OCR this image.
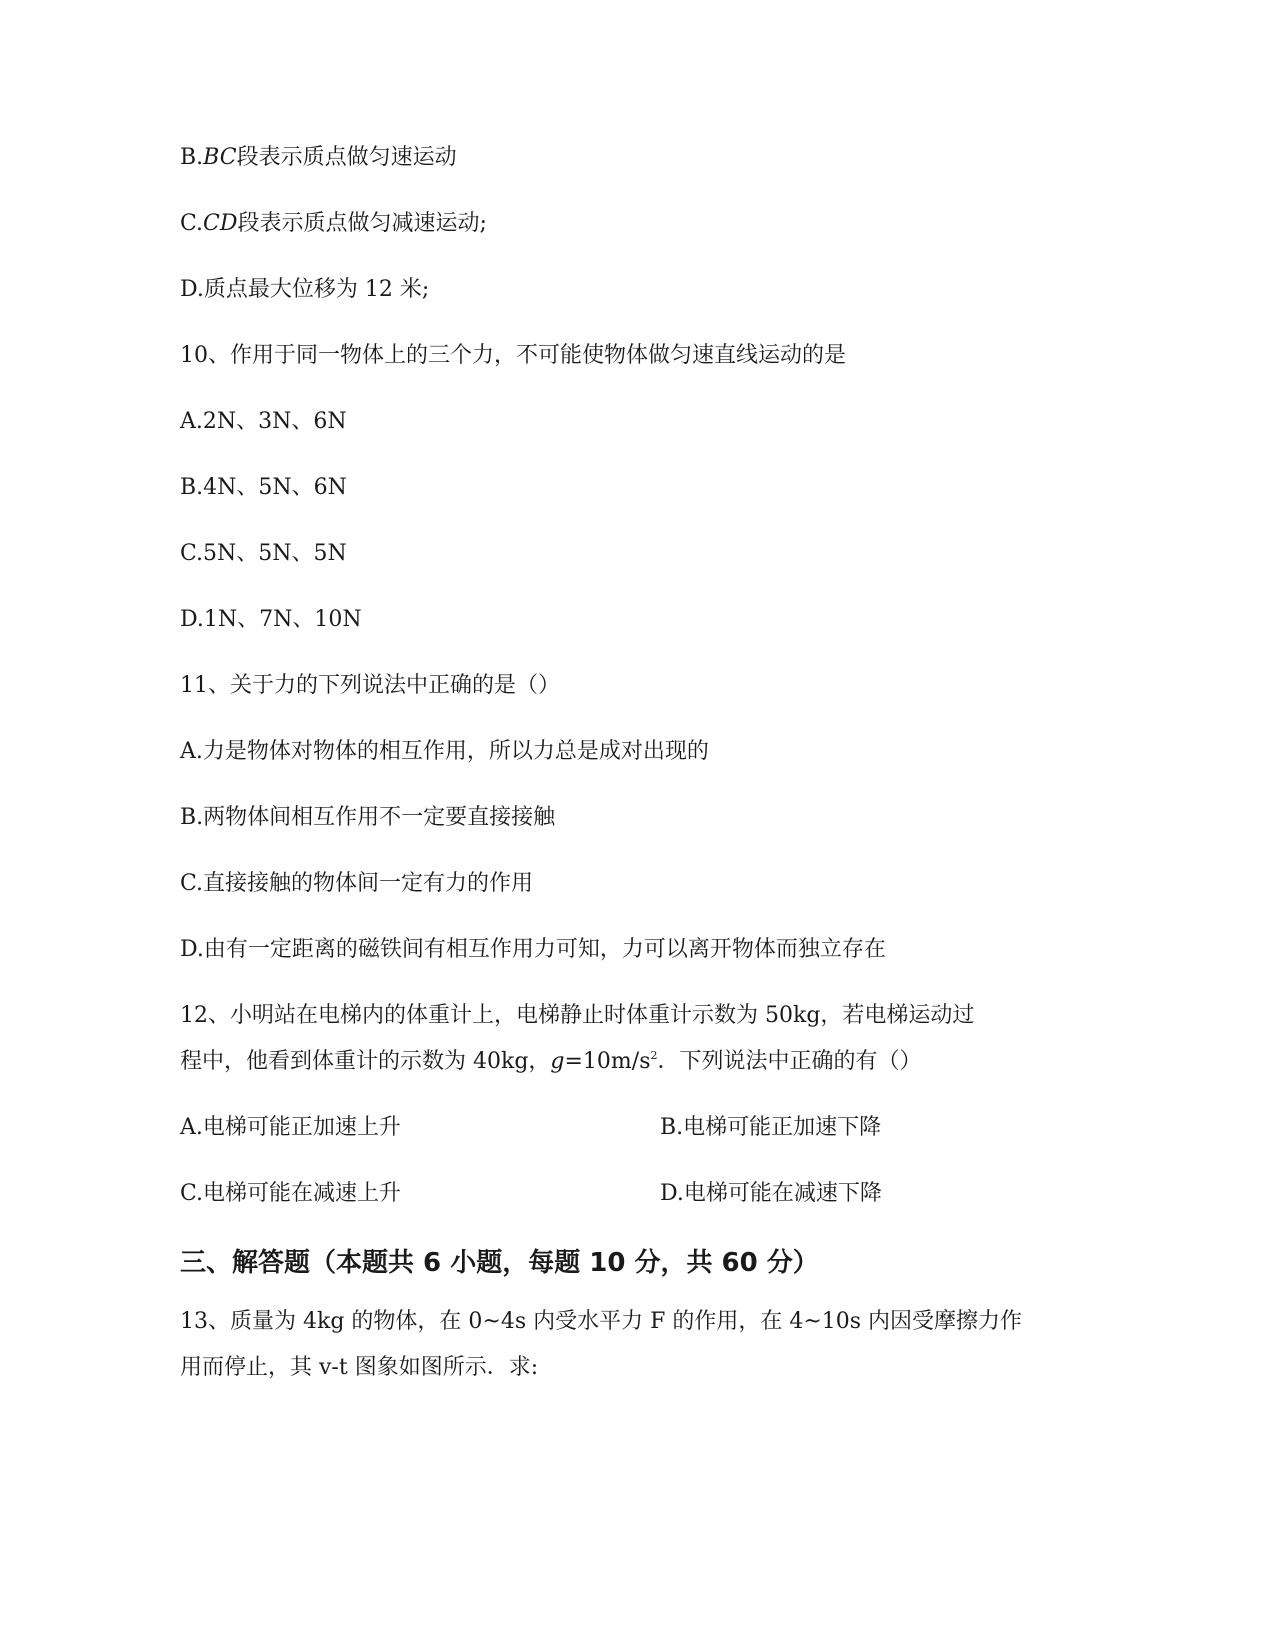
B.BC段表示质点做匀速运动
C.CD段表示质点做匀减速运动;
D.质点最大位移为 12 米;
10、作用于同一物体上的三个力，不可能使物体做匀速直线运动的是
A.2N、3N、6N
B.4N、5N、6N
C.5N、5N、5N
D.1N、7N、10N
11、关于力的下列说法中正确的是（）
A.力是物体对物体的相互作用，所以力总是成对出现的
B.两物体间相互作用不一定要直接接触
C.直接接触的物体间一定有力的作用
D.由有一定距离的磁铁间有相互作用力可知，力可以离开物体而独立存在
12、小明站在电梯内的体重计上，电梯静止时体重计示数为 50kg，若电梯运动过
程中，他看到体重计的示数为 40kg，$g=10m/s^2$．下列说法中正确的有（）
A.电梯可能正加速上升	B.电梯可能正加速下降
C.电梯可能在减速上升	D.电梯可能在减速下降
三、解答题（本题共 6 小题，每题 10 分，共 60 分）
13、质量为 4kg 的物体，在 0~4s 内受水平力 F 的作用，在 4~10s 内因受摩擦力作
用而停止，其 v-t 图象如图所示．求:
